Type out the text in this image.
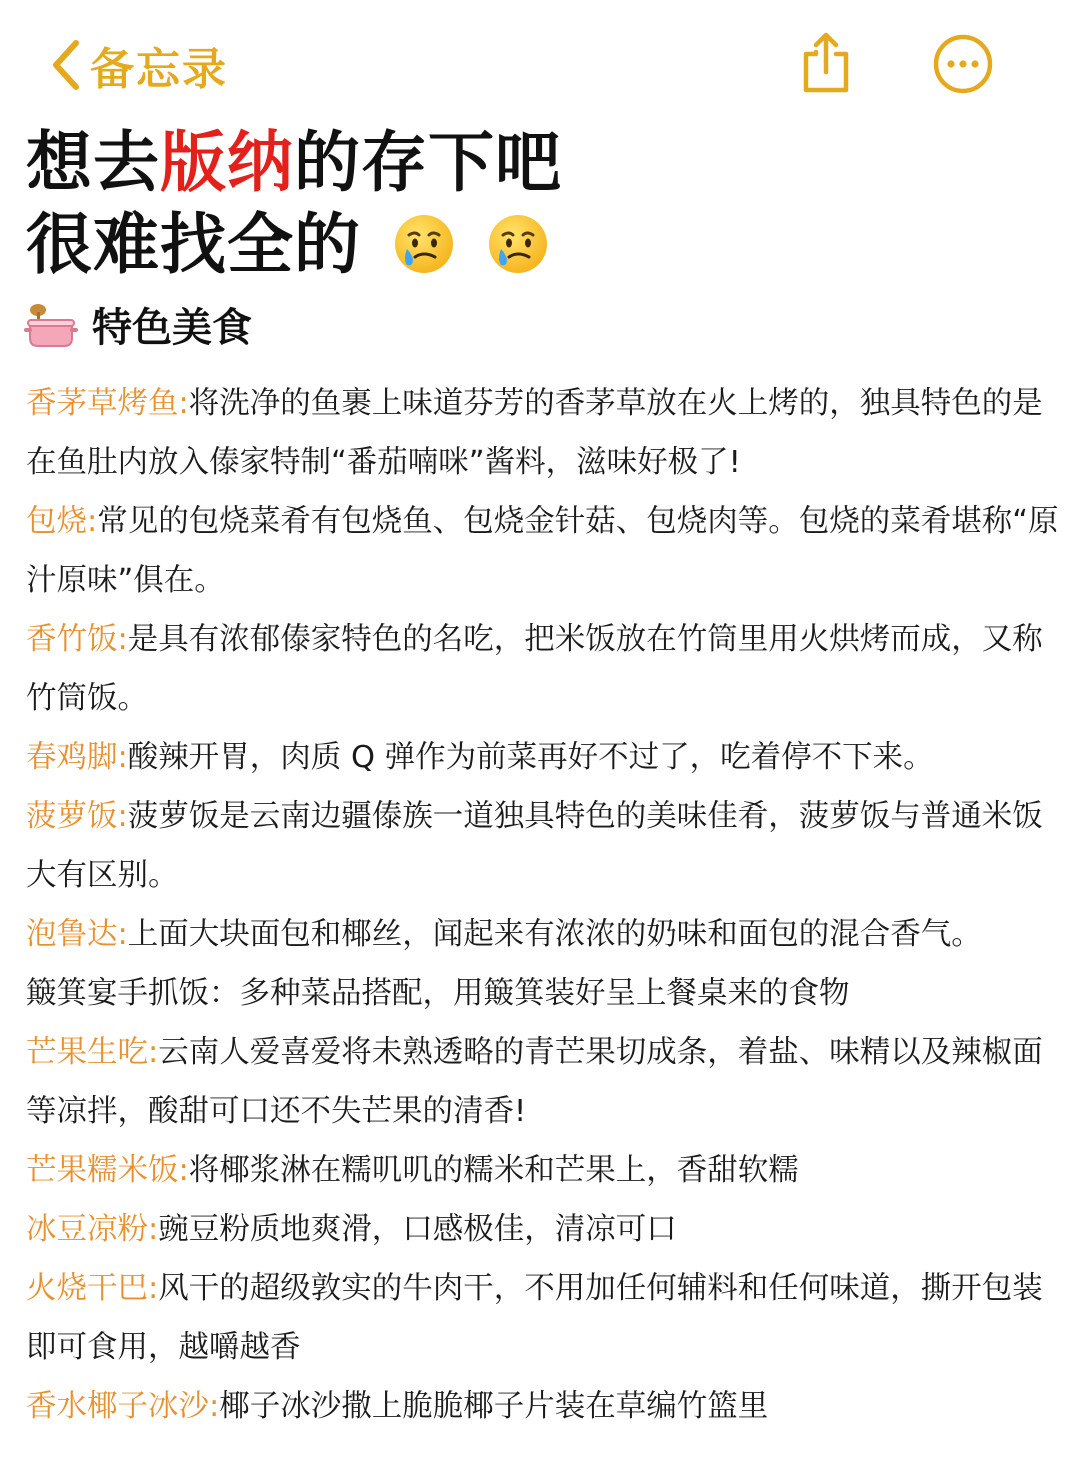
备忘录
想去版纳的存下吧
很难找全的
特色美食

香茅草烤鱼:将洗净的鱼裹上味道芬芳的香茅草放在火上烤的，独具特色的是在鱼肚内放入傣家特制“番茄喃咪”酱料，滋味好极了!

包烧:常见的包烧菜肴有包烧鱼、包烧金针菇、包烧肉等。包烧的菜肴堪称“原汁原味”俱在。

香竹饭:是具有浓郁傣家特色的名吃，把米饭放在竹筒里用火烘烤而成，又称竹筒饭。

春鸡脚:酸辣开胃，肉质 Q 弹作为前菜再好不过了，吃着停不下来。

菠萝饭:菠萝饭是云南边疆傣族一道独具特色的美味佳肴，菠萝饭与普通米饭大有区别。

泡鲁达:上面大块面包和椰丝，闻起来有浓浓的奶味和面包的混合香气。

簸箕宴手抓饭：多种菜品搭配，用簸箕装好呈上餐桌来的食物

芒果生吃:云南人爱喜爱将未熟透略的青芒果切成条，着盐、味精以及辣椒面等凉拌，酸甜可口还不失芒果的清香!

芒果糯米饭:将椰浆淋在糯叽叽的糯米和芒果上，香甜软糯

冰豆凉粉:豌豆粉质地爽滑，口感极佳，清凉可口

火烧干巴:风干的超级敦实的牛肉干，不用加任何辅料和任何味道，撕开包装即可食用，越嚼越香

香水椰子冰沙:椰子冰沙撒上脆脆椰子片装在草编竹篮里
